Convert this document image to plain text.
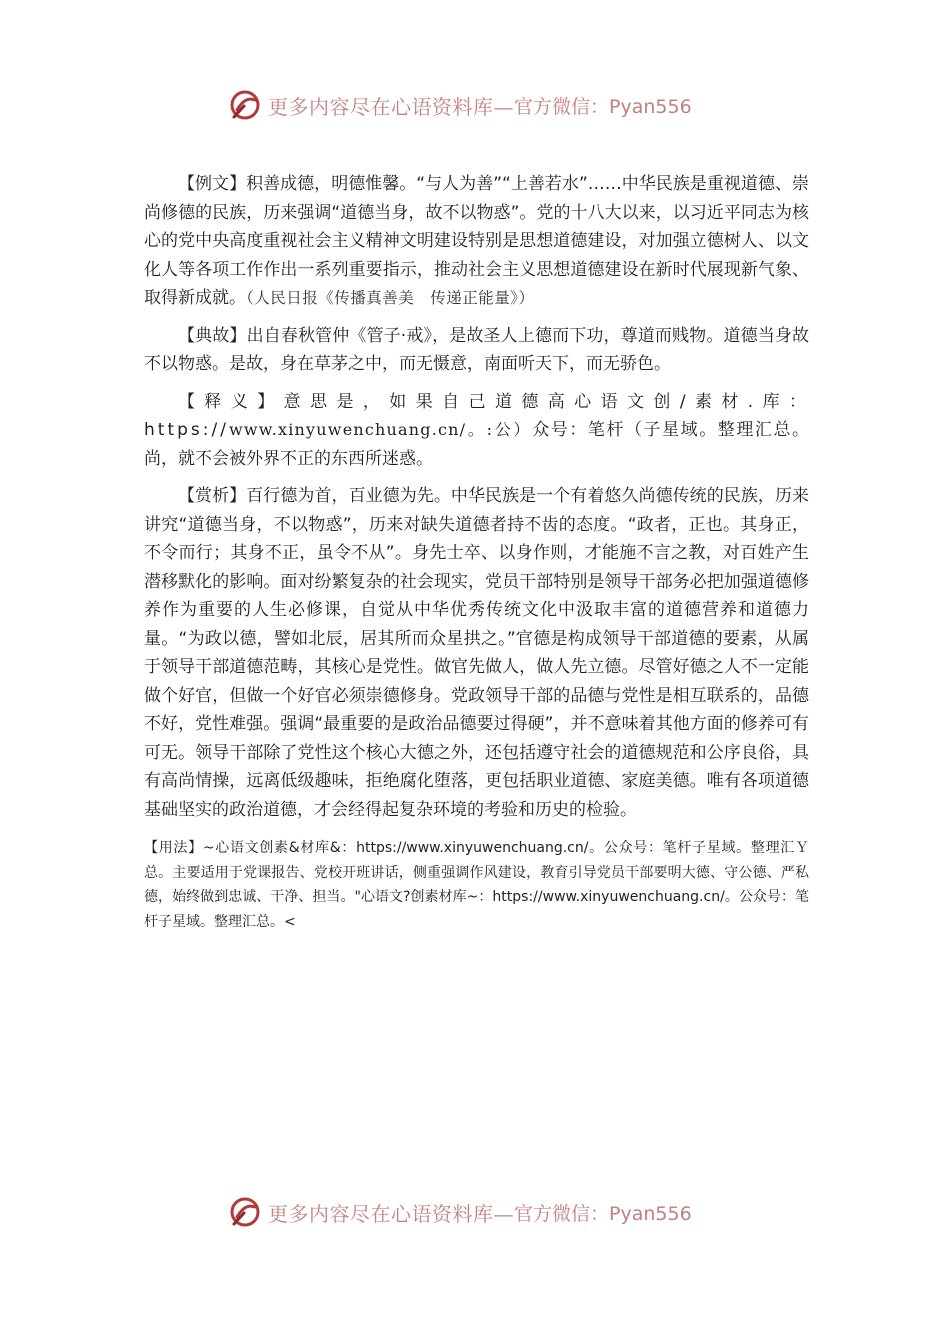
更多内容尽在心语资料库— 官方微信：Pyan556

【例文】积善成德，明德惟馨。“与人为善”“上善若水”……中华民族是重视道德、崇尚修德的民族，历来强调“道德当身，故不以物惑”。党的十八大以来，以习近平同志为核心的党中央高度重视社会主义精神文明建设特别是思想道德建设，对加强立德树人、以文化人等各项工作作出一系列重要指示，推动社会主义思想道德建设在新时代展现新气象、取得新成就。（人民日报《传播真善美　传递正能量》）

【典故】出自春秋管仲《管子·戒》，是故圣人上德而下功，尊道而贱物。道德当身故不以物惑。是故，身在草茅之中，而无慑意，南面听天下，而无骄色。

【释义】意思是，如果自己道德高心语文创/素材.库：https://www.xinyuwenchuang.cn/。:公）众号：笔杆（子星域。整理汇总。尚，就不会被外界不正的东西所迷惑。

【赏析】百行德为首，百业德为先。中华民族是一个有着悠久尚德传统的民族，历来讲究“道德当身，不以物惑”，历来对缺失道德者持不齿的态度。“政者，正也。其身正，不令而行；其身不正，虽令不从”。身先士卒、以身作则，才能施不言之教，对百姓产生潜移默化的影响。面对纷繁复杂的社会现实，党员干部特别是领导干部务必把加强道德修养作为重要的人生必修课，自觉从中华优秀传统文化中汲取丰富的道德营养和道德力量。“为政以德，譬如北辰，居其所而众星拱之。”官德是构成领导干部道德的要素，从属于领导干部道德范畴，其核心是党性。做官先做人，做人先立德。尽管好德之人不一定能做个好官，但做一个好官必须崇德修身。党政领导干部的品德与党性是相互联系的，品德不好，党性难强。强调“最重要的是政治品德要过得硬”，并不意味着其他方面的修养可有可无。领导干部除了党性这个核心大德之外，还包括遵守社会的道德规范和公序良俗，具有高尚情操，远离低级趣味，拒绝腐化堕落，更包括职业道德、家庭美德。唯有各项道德基础坚实的政治道德，才会经得起复杂环境的考验和历史的检验。

【用法】~心语文创素&材库&：https://www.xinyuwenchuang.cn/。公众号：笔杆子星域。整理汇Ｙ总。主要适用于党课报告、党校开班讲话，侧重强调作风建设，教育引导党员干部要明大德、守公德、严私德，始终做到忠诚、干净、担当。"心语文?创素材库~：https://www.xinyuwenchuang.cn/。公众号：笔杆子星域。整理汇总。<

更多内容尽在心语资料库— 官方微信：Pyan556
